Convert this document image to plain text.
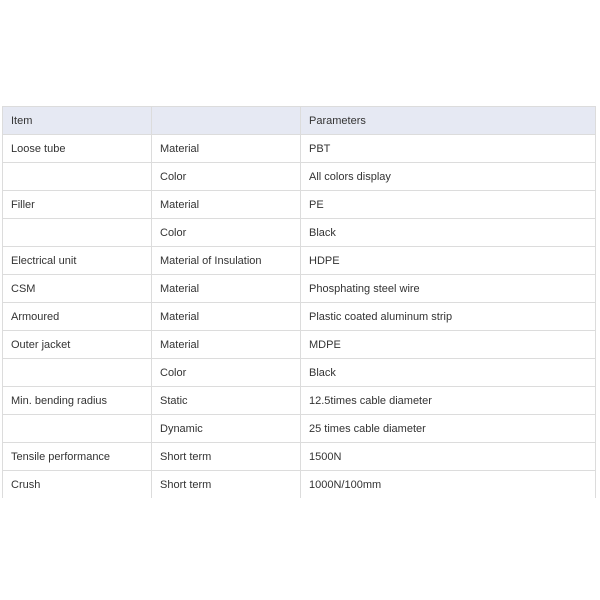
Item		Parameters
Loose tube	Material	PBT
	Color	All colors display
Filler	Material	PE
	Color	Black
Electrical unit	Material of Insulation	HDPE
CSM	Material	Phosphating steel wire
Armoured	Material	Plastic coated aluminum strip
Outer jacket	Material	MDPE
	Color	Black
Min. bending radius	Static	12.5times cable diameter
	Dynamic	25 times cable diameter
Tensile performance	Short term	1500N
Crush	Short term	1000N/100mm
